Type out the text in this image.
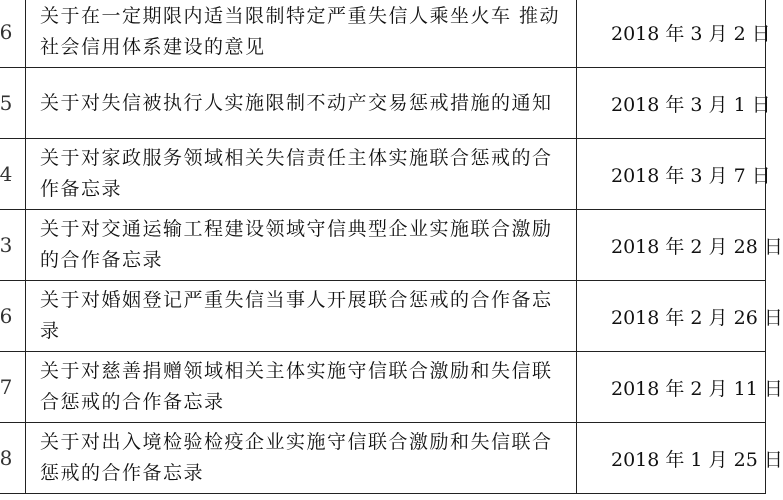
6	关于在一定期限内适当限制特定严重失信人乘坐火车 推动社会信用体系建设的意见	2018 年 3 月 2 日
5	关于对失信被执行人实施限制不动产交易惩戒措施的通知	2018 年 3 月 1 日
4	关于对家政服务领域相关失信责任主体实施联合惩戒的合作备忘录	2018 年 3 月 7 日
3	关于对交通运输工程建设领域守信典型企业实施联合激励的合作备忘录	2018 年 2 月 28 日
6	关于对婚姻登记严重失信当事人开展联合惩戒的合作备忘录	2018 年 2 月 26 日
7	关于对慈善捐赠领域相关主体实施守信联合激励和失信联合惩戒的合作备忘录	2018 年 2 月 11 日
8	关于对出入境检验检疫企业实施守信联合激励和失信联合惩戒的合作备忘录	2018 年 1 月 25 日
